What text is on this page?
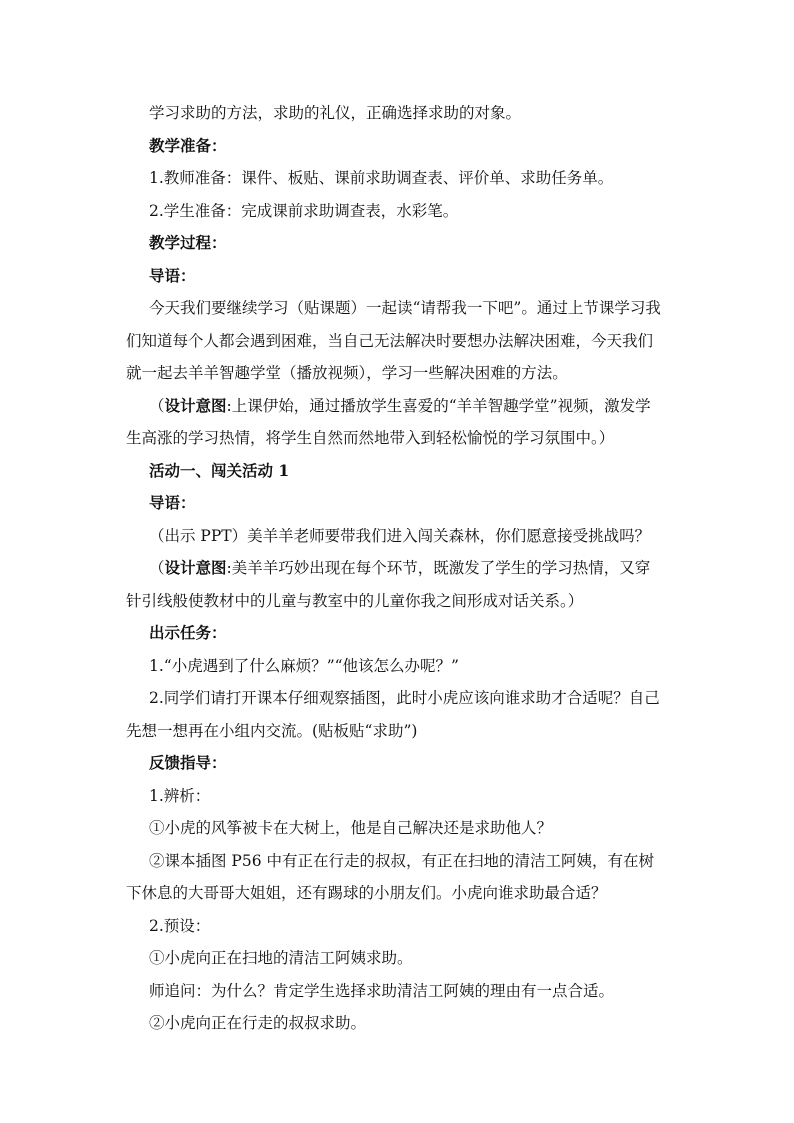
学习求助的方法，求助的礼仪，正确选择求助的对象。

教学准备：

1.教师准备：课件、板贴、课前求助调查表、评价单、求助任务单。

2.学生准备：完成课前求助调查表，水彩笔。

教学过程：

导语：

今天我们要继续学习（贴课题）一起读“请帮我一下吧”。通过上节课学习我们知道每个人都会遇到困难，当自己无法解决时要想办法解决困难，今天我们就一起去羊羊智趣学堂（播放视频），学习一些解决困难的方法。

（设计意图:上课伊始，通过播放学生喜爱的“羊羊智趣学堂”视频，激发学生高涨的学习热情，将学生自然而然地带入到轻松愉悦的学习氛围中。）

活动一、闯关活动 1

导语：

（出示 PPT）美羊羊老师要带我们进入闯关森林，你们愿意接受挑战吗？

（设计意图:美羊羊巧妙出现在每个环节，既激发了学生的学习热情，又穿针引线般使教材中的儿童与教室中的儿童你我之间形成对话关系。）

出示任务：

1.“小虎遇到了什么麻烦？”“他该怎么办呢？”

2.同学们请打开课本仔细观察插图，此时小虎应该向谁求助才合适呢？自己先想一想再在小组内交流。(贴板贴“求助”)

反馈指导：

1.辨析：

①小虎的风筝被卡在大树上，他是自己解决还是求助他人？

②课本插图 P56 中有正在行走的叔叔，有正在扫地的清洁工阿姨，有在树下休息的大哥哥大姐姐，还有踢球的小朋友们。小虎向谁求助最合适？

2.预设：

①小虎向正在扫地的清洁工阿姨求助。

师追问：为什么？肯定学生选择求助清洁工阿姨的理由有一点合适。

②小虎向正在行走的叔叔求助。
